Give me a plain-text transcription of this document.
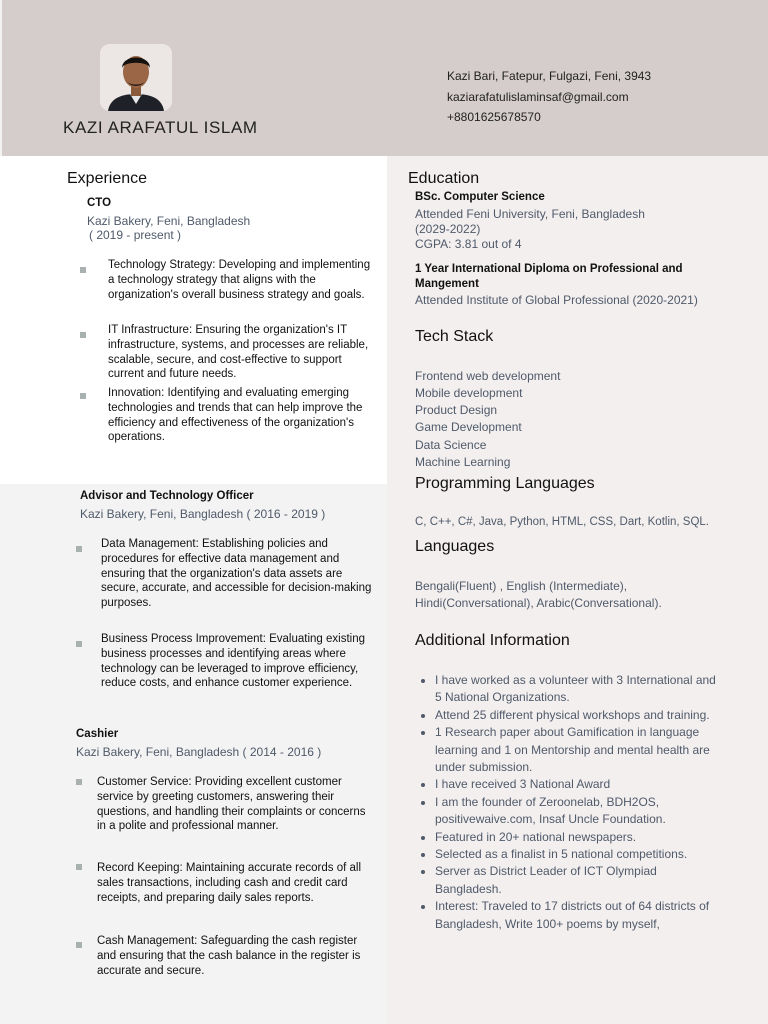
KAZI ARAFATUL ISLAM
Kazi Bari, Fatepur, Fulgazi, Feni, 3943
kaziarafatulislaminsaf@gmail.com
+8801625678570
Experience
CTO
Kazi Bakery, Feni, Bangladesh
( 2019 - present )
Technology Strategy: Developing and implementing a technology strategy that aligns with the organization's overall business strategy and goals.
IT Infrastructure: Ensuring the organization's IT infrastructure, systems, and processes are reliable, scalable, secure, and cost-effective to support current and future needs.
Innovation: Identifying and evaluating emerging technologies and trends that can help improve the efficiency and effectiveness of the organization's operations.
Advisor and Technology Officer
Kazi Bakery, Feni, Bangladesh ( 2016 - 2019 )
Data Management: Establishing policies and procedures for effective data management and ensuring that the organization's data assets are secure, accurate, and accessible for decision-making purposes.
Business Process Improvement: Evaluating existing business processes and identifying areas where technology can be leveraged to improve efficiency, reduce costs, and enhance customer experience.
Cashier
Kazi Bakery, Feni, Bangladesh ( 2014 - 2016 )
Customer Service: Providing excellent customer service by greeting customers, answering their questions, and handling their complaints or concerns in a polite and professional manner.
Record Keeping: Maintaining accurate records of all sales transactions, including cash and credit card receipts, and preparing daily sales reports.
Cash Management: Safeguarding the cash register and ensuring that the cash balance in the register is accurate and secure.
Education
BSc. Computer Science
Attended Feni University, Feni, Bangladesh (2029-2022)
CGPA: 3.81 out of 4
1 Year International Diploma on Professional and Mangement
Attended Institute of Global Professional (2020-2021)
Tech Stack
Frontend web development
Mobile development
Product Design
Game Development
Data Science
Machine Learning
Programming Languages
C, C++, C#, Java, Python, HTML, CSS, Dart, Kotlin, SQL.
Languages
Bengali(Fluent) , English (Intermediate),
Hindi(Conversational), Arabic(Conversational).
Additional Information
I have worked as a volunteer with 3 International and 5 National Organizations.
Attend 25 different physical workshops and training.
1 Research paper about Gamification in language learning and 1 on Mentorship and mental health are under submission.
I have received 3 National Award
I am the founder of Zeroonelab, BDH2OS, positivewaive.com, Insaf Uncle Foundation.
Featured in 20+ national newspapers.
Selected as a finalist in 5 national competitions.
Server as District Leader of ICT Olympiad Bangladesh.
Interest: Traveled to 17 districts out of 64 districts of Bangladesh, Write 100+ poems by myself,
